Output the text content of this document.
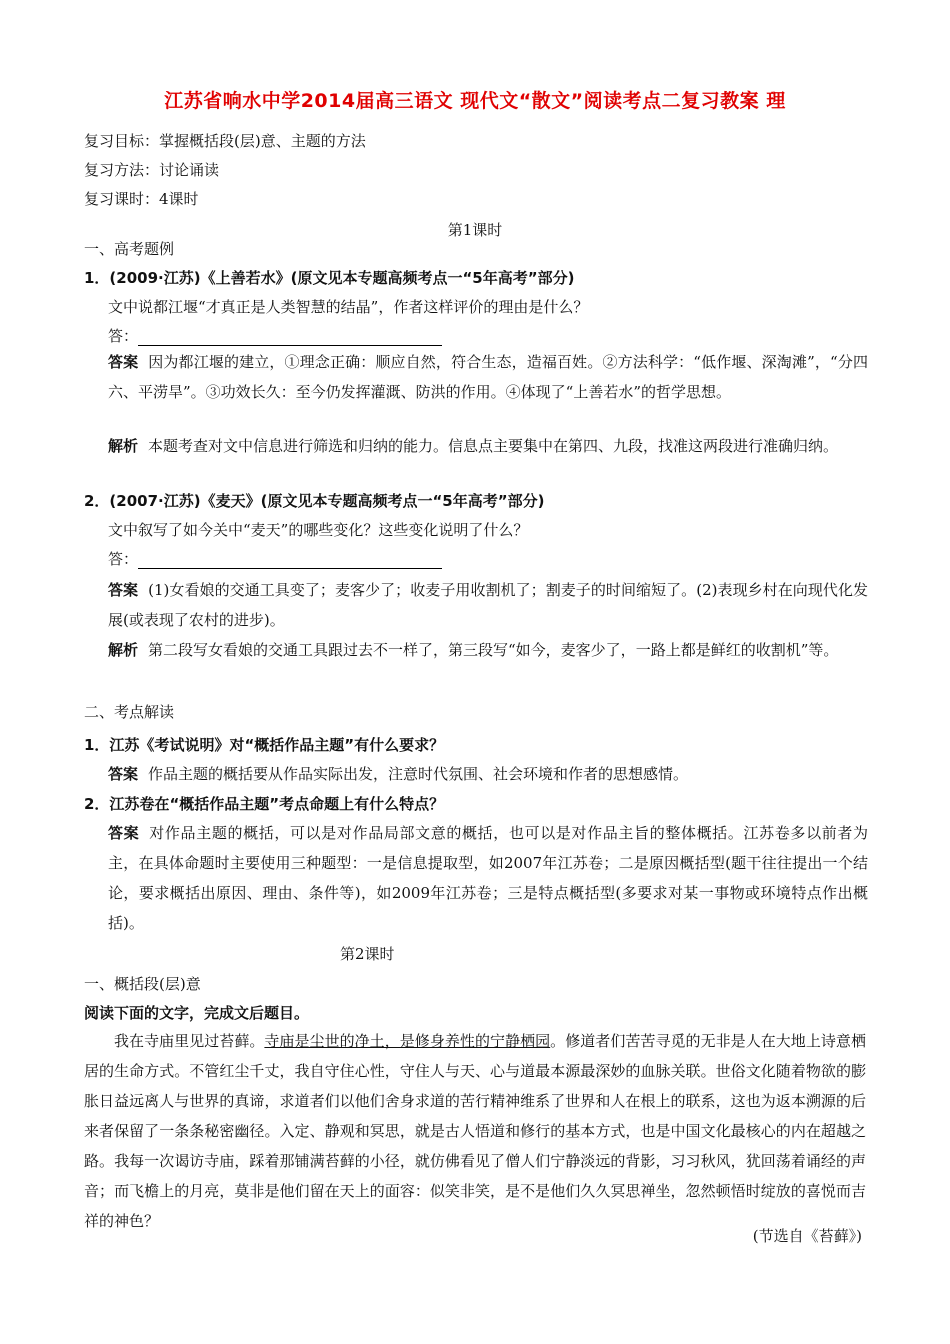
江苏省响水中学2014届高三语文 现代文“散文”阅读考点二复习教案 理
复习目标：掌握概括段(层)意、主题的方法
复习方法：讨论诵读
复习课时：4课时
第1课时
一、高考题例
1．(2009·江苏)《上善若水》(原文见本专题高频考点一“5年高考”部分)
文中说都江堰“才真正是人类智慧的结晶”，作者这样评价的理由是什么？
答：
答案 因为都江堰的建立，①理念正确：顺应自然，符合生态，造福百姓。②方法科学：“低作堰、深淘滩”，“分四六、平涝旱”。③功效长久：至今仍发挥灌溉、防洪的作用。④体现了“上善若水”的哲学思想。
解析 本题考查对文中信息进行筛选和归纳的能力。信息点主要集中在第四、九段，找准这两段进行准确归纳。
2．(2007·江苏)《麦天》(原文见本专题高频考点一“5年高考”部分)
文中叙写了如今关中“麦天”的哪些变化？这些变化说明了什么？
答：
答案 (1)女看娘的交通工具变了；麦客少了；收麦子用收割机了；割麦子的时间缩短了。(2)表现乡村在向现代化发展(或表现了农村的进步)。
解析 第二段写女看娘的交通工具跟过去不一样了，第三段写“如今，麦客少了，一路上都是鲜红的收割机”等。
二、考点解读
1．江苏《考试说明》对“概括作品主题”有什么要求？
答案 作品主题的概括要从作品实际出发，注意时代氛围、社会环境和作者的思想感情。
2．江苏卷在“概括作品主题”考点命题上有什么特点？
答案 对作品主题的概括，可以是对作品局部文意的概括，也可以是对作品主旨的整体概括。江苏卷多以前者为主，在具体命题时主要使用三种题型：一是信息提取型，如2007年江苏卷；二是原因概括型(题干往往提出一个结论，要求概括出原因、理由、条件等)，如2009年江苏卷；三是特点概括型(多要求对某一事物或环境特点作出概括)。
第2课时
一、概括段(层)意
阅读下面的文字，完成文后题目。
我在寺庙里见过苔藓。寺庙是尘世的净土，是修身养性的宁静栖园。修道者们苦苦寻觅的无非是人在大地上诗意栖居的生命方式。不管红尘千丈，我自守住心性，守住人与天、心与道最本源最深妙的血脉关联。世俗文化随着物欲的膨胀日益远离人与世界的真谛，求道者们以他们舍身求道的苦行精神维系了世界和人在根上的联系，这也为返本溯源的后来者保留了一条条秘密幽径。入定、静观和冥思，就是古人悟道和修行的基本方式，也是中国文化最核心的内在超越之路。我每一次谒访寺庙，踩着那铺满苔藓的小径，就仿佛看见了僧人们宁静淡远的背影，习习秋风，犹回荡着诵经的声音；而飞檐上的月亮，莫非是他们留在天上的面容：似笑非笑，是不是他们久久冥思禅坐，忽然顿悟时绽放的喜悦而吉祥的神色？
(节选自《苔藓》)
